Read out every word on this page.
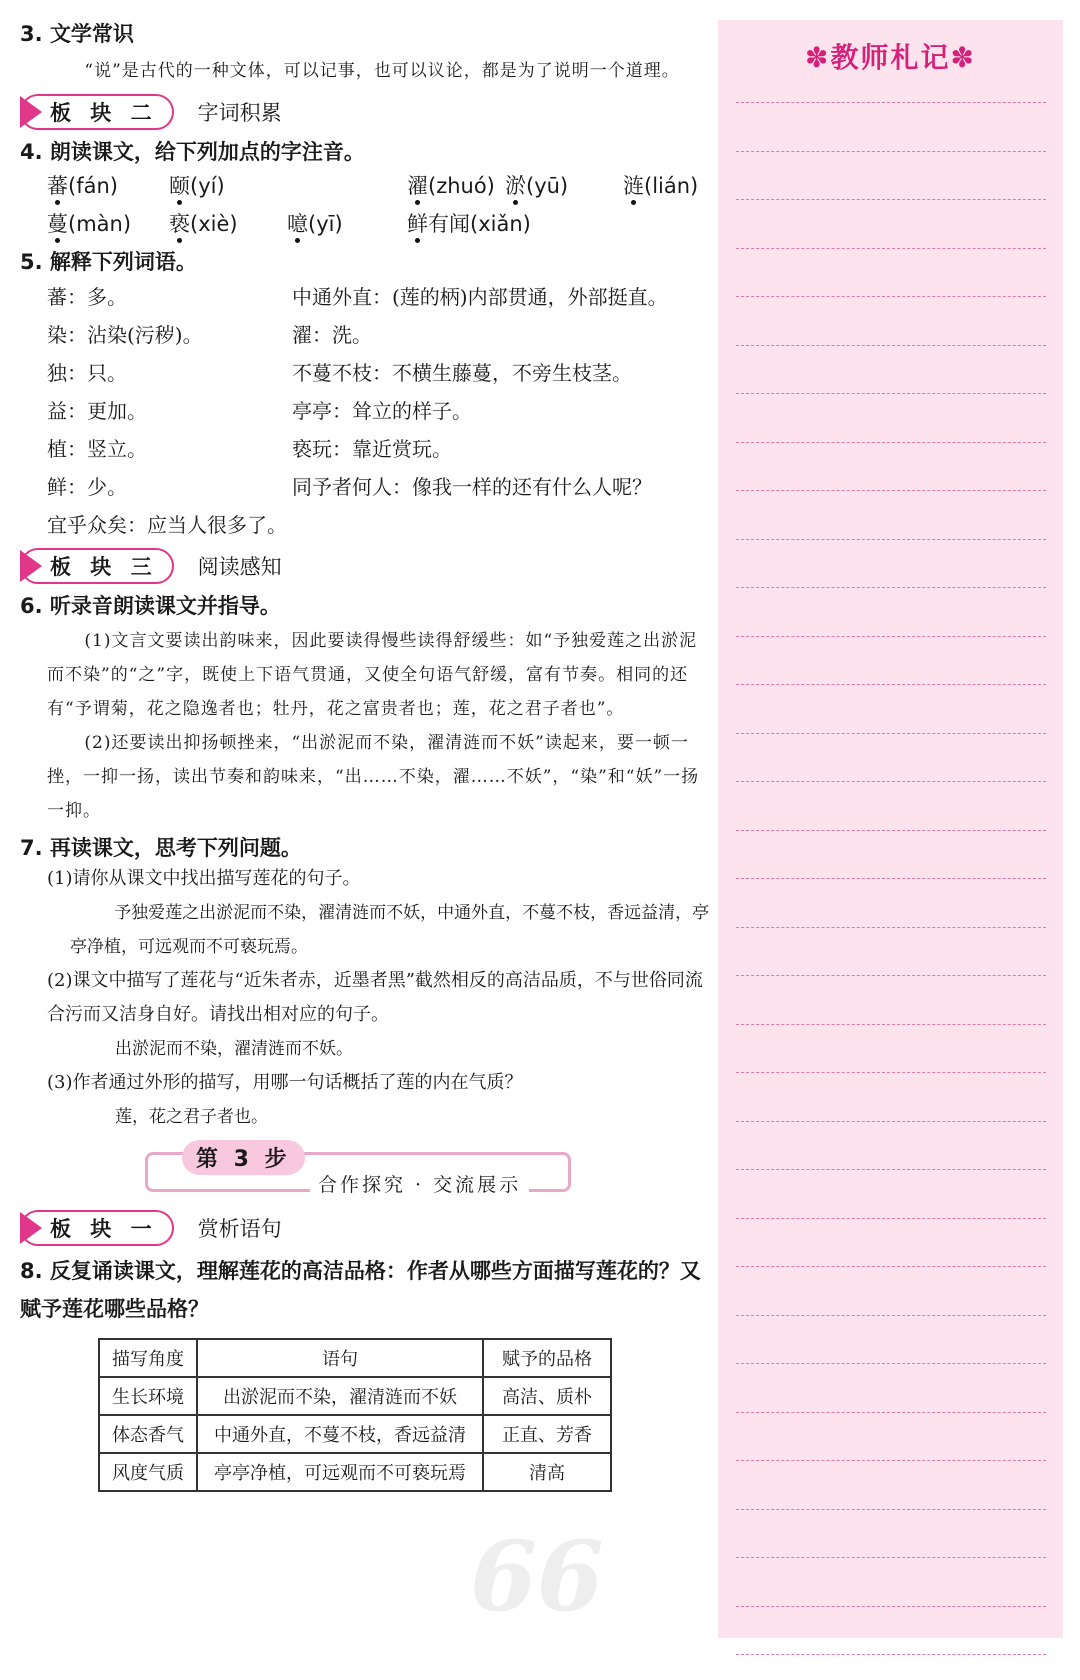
3. 文学常识

“说”是古代的一种文体，可以记事，也可以议论，都是为了说明一个道理。
板 块 二 字词积累

4. 朗读课文，给下列加点的字注音。

蕃(fán)	颐(yí)	濯(zhuó) 淤(yū)	涟(lián)
蔓(màn)	亵(xiè)	噫(yī)	鲜有闻(xiǎn)

5. 解释下列词语。

蕃：多。	中通外直：(莲的柄)内部贯通，外部挺直。
染：沾染(污秽)。	濯：洗。
独：只。	不蔓不枝：不横生藤蔓，不旁生枝茎。
益：更加。	亭亭：耸立的样子。
植：竖立。	亵玩：靠近赏玩。
鲜：少。	同予者何人：像我一样的还有什么人呢？
宜乎众矣：应当人很多了。
板 块 三 阅读感知

6. 听录音朗读课文并指导。

(1)文言文要读出韵味来，因此要读得慢些读得舒缓些：如“予独爱莲之出淤泥而不染”的“之”字，既使上下语气贯通，又使全句语气舒缓，富有节奏。相同的还有“予谓菊，花之隐逸者也；牡丹，花之富贵者也；莲，花之君子者也”。
(2)还要读出抑扬顿挫来，“出淤泥而不染，濯清涟而不妖”读起来，要一顿一挫，一抑一扬，读出节奏和韵味来，“出……不染，濯……不妖”，“染”和“妖”一扬一抑。

7. 再读课文，思考下列问题。

(1)请你从课文中找出描写莲花的句子。
予独爱莲之出淤泥而不染，濯清涟而不妖，中通外直，不蔓不枝，香远益清，亭亭净植，可远观而不可亵玩焉。
(2)课文中描写了莲花与“近朱者赤，近墨者黑”截然相反的高洁品质，不与世俗同流合污而又洁身自好。请找出相对应的句子。
出淤泥而不染，濯清涟而不妖。
(3)作者通过外形的描写，用哪一句话概括了莲的内在气质？
莲，花之君子者也。
第 3 步
合作探究 · 交流展示
板 块 一 赏析语句

8. 反复诵读课文，理解莲花的高洁品格：作者从哪些方面描写莲花的？又赋予莲花哪些品格？

描写角度	语句	赋予的品格
生长环境	出淤泥而不染，濯清涟而不妖	高洁、质朴
体态香气	中通外直，不蔓不枝，香远益清	正直、芳香
风度气质	亭亭净植，可远观而不可亵玩焉	清高
66
✽教师札记✽
